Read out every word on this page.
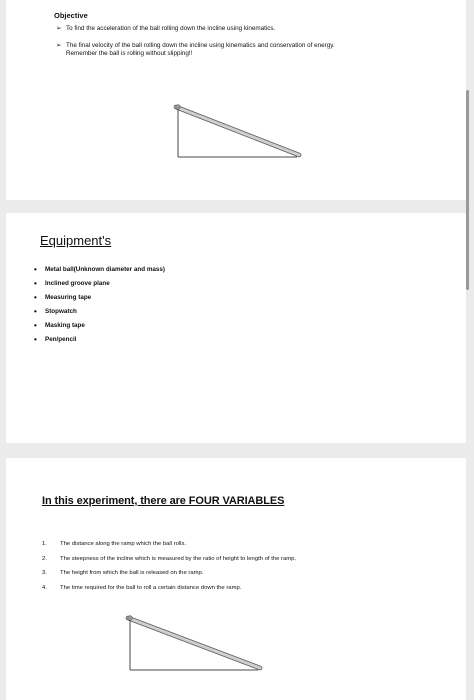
Objective
➢ To find the acceleration of the ball rolling down the incline using kinematics.
➢ The final velocity of the ball rolling down the incline using kinematics and conservation of energy. Remember the ball is rolling without slipping!!
Equipment's
• Metal ball(Unknown diameter and mass)
• Inclined groove plane
• Measuring tape
• Stopwatch
• Masking tape
• Pen/pencil
In this experiment, there are FOUR VARIABLES
1. The distance along the ramp which the ball rolls.
2. The steepness of the incline which is measured by the ratio of height to length of the ramp.
3. The height from which the ball is released on the ramp.
4. The time required for the ball to roll a certain distance down the ramp.
